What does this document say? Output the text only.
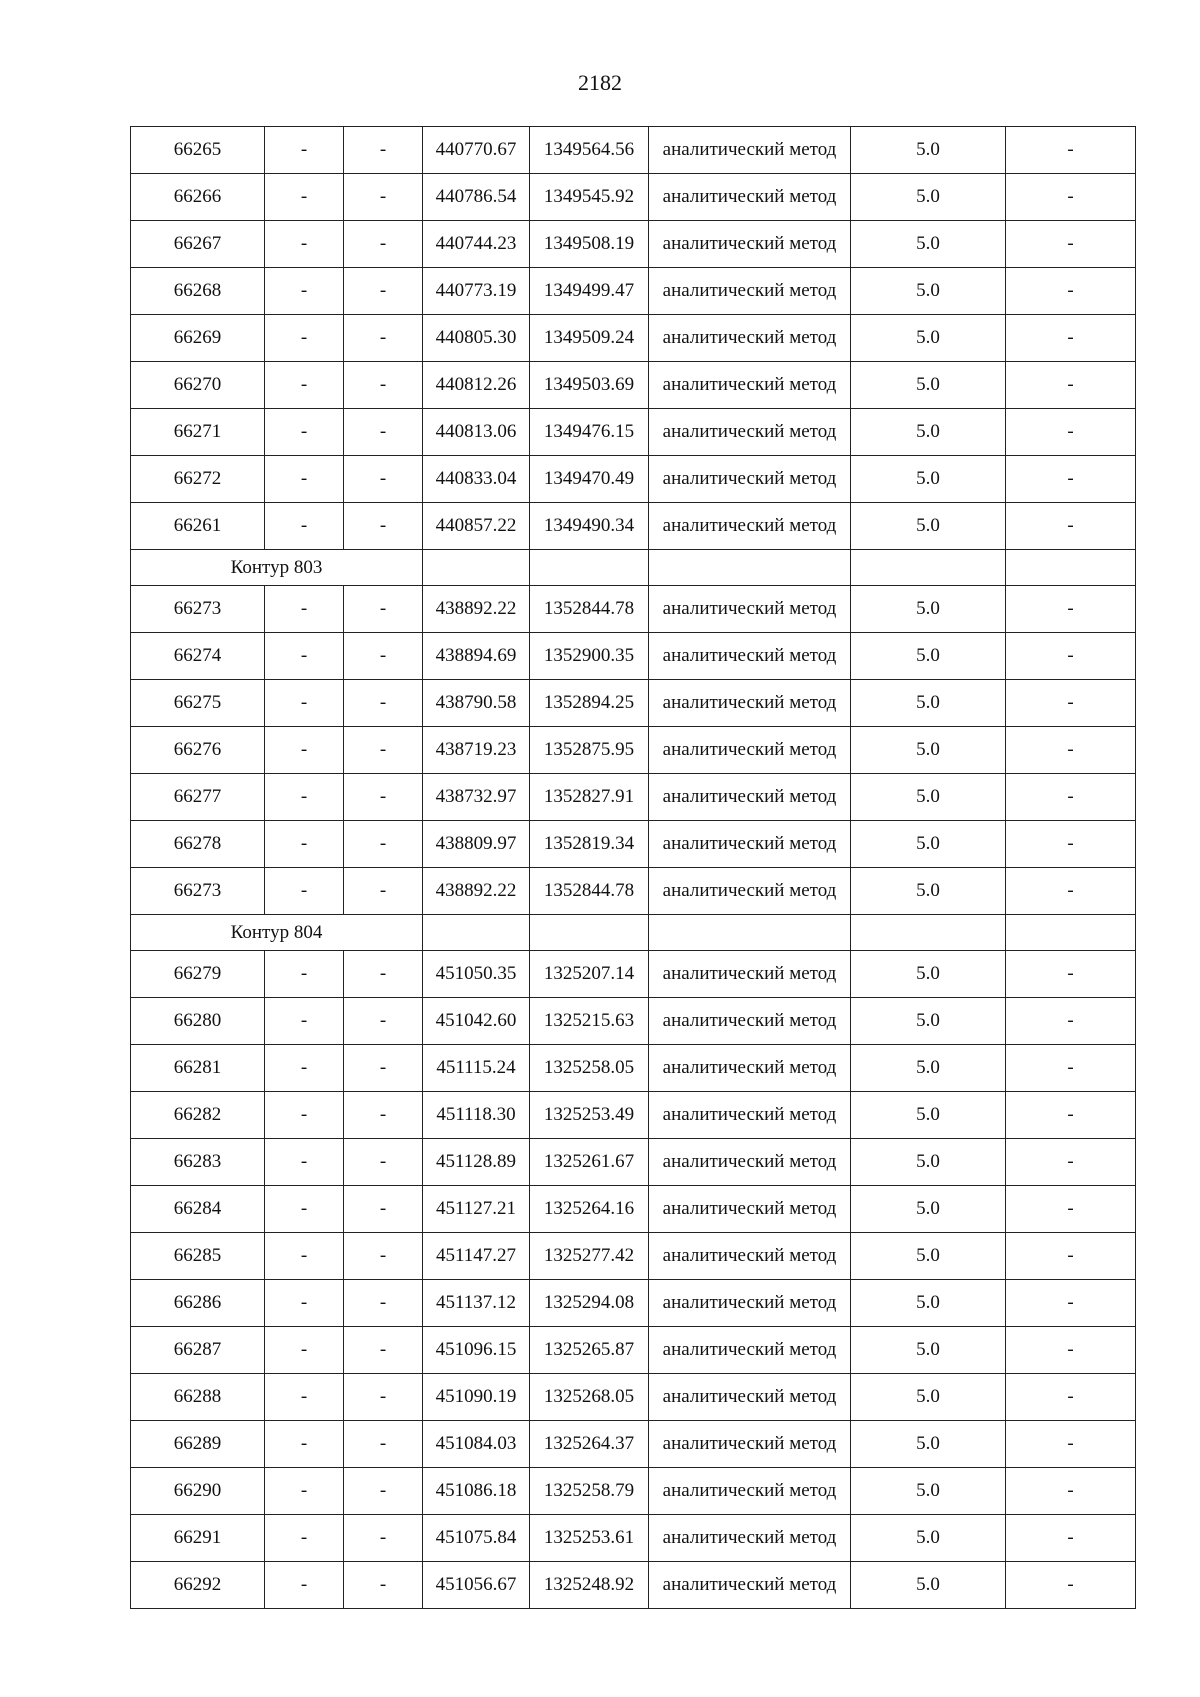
2182
66265	-	-	440770.67	1349564.56	аналитический метод	5.0	-
66266	-	-	440786.54	1349545.92	аналитический метод	5.0	-
66267	-	-	440744.23	1349508.19	аналитический метод	5.0	-
66268	-	-	440773.19	1349499.47	аналитический метод	5.0	-
66269	-	-	440805.30	1349509.24	аналитический метод	5.0	-
66270	-	-	440812.26	1349503.69	аналитический метод	5.0	-
66271	-	-	440813.06	1349476.15	аналитический метод	5.0	-
66272	-	-	440833.04	1349470.49	аналитический метод	5.0	-
66261	-	-	440857.22	1349490.34	аналитический метод	5.0	-
Контур 803							
66273	-	-	438892.22	1352844.78	аналитический метод	5.0	-
66274	-	-	438894.69	1352900.35	аналитический метод	5.0	-
66275	-	-	438790.58	1352894.25	аналитический метод	5.0	-
66276	-	-	438719.23	1352875.95	аналитический метод	5.0	-
66277	-	-	438732.97	1352827.91	аналитический метод	5.0	-
66278	-	-	438809.97	1352819.34	аналитический метод	5.0	-
66273	-	-	438892.22	1352844.78	аналитический метод	5.0	-
Контур 804							
66279	-	-	451050.35	1325207.14	аналитический метод	5.0	-
66280	-	-	451042.60	1325215.63	аналитический метод	5.0	-
66281	-	-	451115.24	1325258.05	аналитический метод	5.0	-
66282	-	-	451118.30	1325253.49	аналитический метод	5.0	-
66283	-	-	451128.89	1325261.67	аналитический метод	5.0	-
66284	-	-	451127.21	1325264.16	аналитический метод	5.0	-
66285	-	-	451147.27	1325277.42	аналитический метод	5.0	-
66286	-	-	451137.12	1325294.08	аналитический метод	5.0	-
66287	-	-	451096.15	1325265.87	аналитический метод	5.0	-
66288	-	-	451090.19	1325268.05	аналитический метод	5.0	-
66289	-	-	451084.03	1325264.37	аналитический метод	5.0	-
66290	-	-	451086.18	1325258.79	аналитический метод	5.0	-
66291	-	-	451075.84	1325253.61	аналитический метод	5.0	-
66292	-	-	451056.67	1325248.92	аналитический метод	5.0	-
